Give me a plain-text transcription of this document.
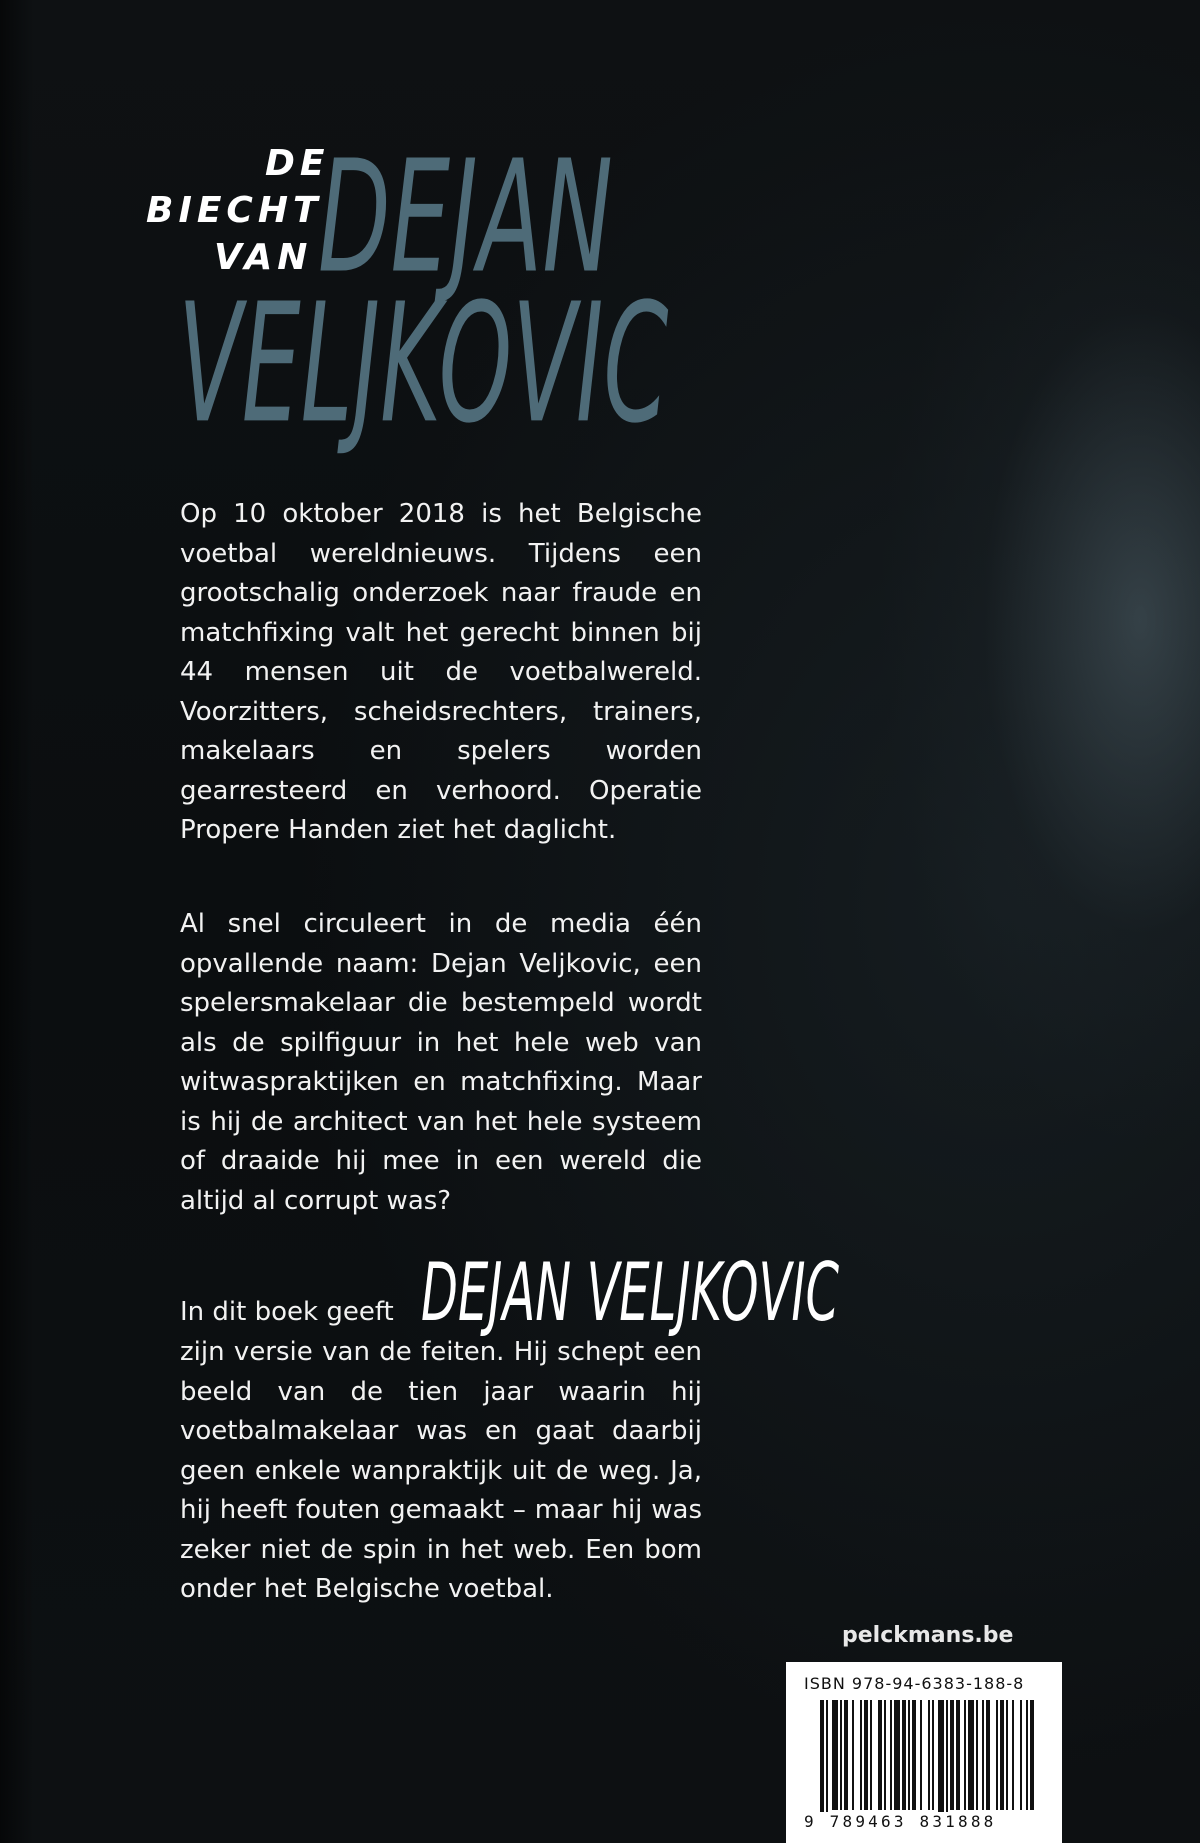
DE
BIECHT
VAN DEJAN
VELJKOVIC

Op 10 oktober 2018 is het Belgische voetbal wereldnieuws. Tijdens een grootschalig onderzoek naar fraude en matchfixing valt het gerecht binnen bij 44 mensen uit de voetbalwereld. Voorzitters, scheidsrechters, trainers, makelaars en spelers worden gearresteerd en verhoord. Operatie Propere Handen ziet het daglicht.

Al snel circuleert in de media één opvallende naam: Dejan Veljkovic, een spelersmakelaar die bestempeld wordt als de spilfiguur in het hele web van witwaspraktijken en matchfixing. Maar is hij de architect van het hele systeem of draaide hij mee in een wereld die altijd al corrupt was?

In dit boek geeft DEJAN VELJKOVIC

zijn versie van de feiten. Hij schept een beeld van de tien jaar waarin hij voetbalmakelaar was en gaat daarbij geen enkele wanpraktijk uit de weg. Ja, hij heeft fouten gemaakt – maar hij was zeker niet de spin in het web. Een bom onder het Belgische voetbal.

pelckmans.be
ISBN 978-94-6383-188-8
9 789463 831888
